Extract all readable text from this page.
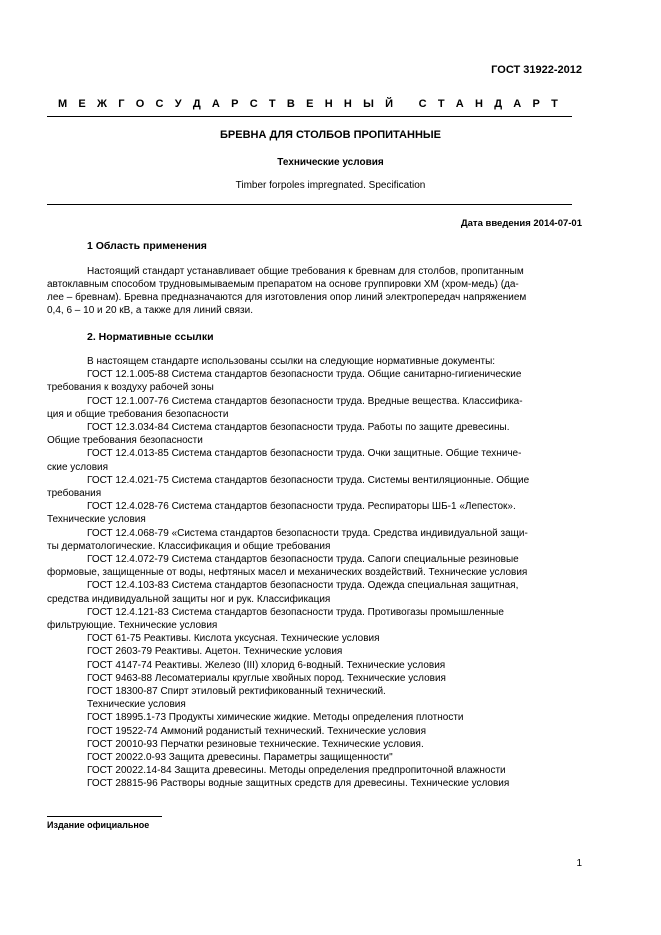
ГОСТ 31922-2012
М Е Ж Г О С У Д А Р С Т В Е Н Н Ы Й
С Т А Н Д А Р Т
БРЕВНА ДЛЯ СТОЛБОВ ПРОПИТАННЫЕ
Технические условия
Timber forpoles impregnated. Specification
Дата введения 2014-07-01
1 Область применения
Настоящий стандарт устанавливает общие требования к бревнам для столбов, пропитанным
автоклавным способом трудновымываемым препаратом на основе группировки ХМ (хром-медь) (да-
лее – бревнам). Бревна предназначаются для изготовления опор линий электропередач напряжением
0,4, 6 – 10 и 20 кВ, а также для линий связи.
2. Нормативные ссылки
В настоящем стандарте использованы ссылки на следующие нормативные документы:
ГОСТ 12.1.005-88 Система стандартов безопасности труда. Общие санитарно-гигиенические
требования к воздуху рабочей зоны
ГОСТ 12.1.007-76 Система стандартов безопасности труда. Вредные вещества. Классифика-
ция и общие требования безопасности
ГОСТ 12.3.034-84 Система стандартов безопасности труда. Работы по защите древесины.
Общие требования безопасности
ГОСТ 12.4.013-85 Система стандартов безопасности труда. Очки защитные. Общие техниче-
ские условия
ГОСТ 12.4.021-75 Система стандартов безопасности труда. Системы вентиляционные. Общие
требования
ГОСТ 12.4.028-76 Система стандартов безопасности труда. Респираторы ШБ-1 «Лепесток».
Технические условия
ГОСТ 12.4.068-79 «Система стандартов безопасности труда. Средства индивидуальной защи-
ты дерматологические. Классификация и общие требования
ГОСТ 12.4.072-79 Система стандартов безопасности труда. Сапоги специальные резиновые
формовые, защищенные от воды, нефтяных масел и механических воздействий. Технические условия
ГОСТ 12.4.103-83 Система стандартов безопасности труда. Одежда специальная защитная,
средства индивидуальной защиты ног и рук. Классификация
ГОСТ 12.4.121-83 Система стандартов безопасности труда. Противогазы промышленные
фильтрующие. Технические условия
ГОСТ 61-75 Реактивы. Кислота уксусная. Технические условия
ГОСТ 2603-79 Реактивы. Ацетон. Технические условия
ГОСТ 4147-74 Реактивы. Железо (III) хлорид 6-водный. Технические условия
ГОСТ 9463-88 Лесоматериалы круглые хвойных пород. Технические условия
ГОСТ 18300-87 Спирт этиловый ректификованный технический.
Технические условия
ГОСТ 18995.1-73 Продукты химические жидкие. Методы определения плотности
ГОСТ 19522-74 Аммоний роданистый технический. Технические условия
ГОСТ 20010-93 Перчатки резиновые технические. Технические условия.
ГОСТ 20022.0-93 Защита древесины. Параметры защищенности"
ГОСТ 20022.14-84 Защита древесины. Методы определения предпропиточной влажности
ГОСТ 28815-96 Растворы водные защитных средств для древесины. Технические условия
Издание официальное
1
